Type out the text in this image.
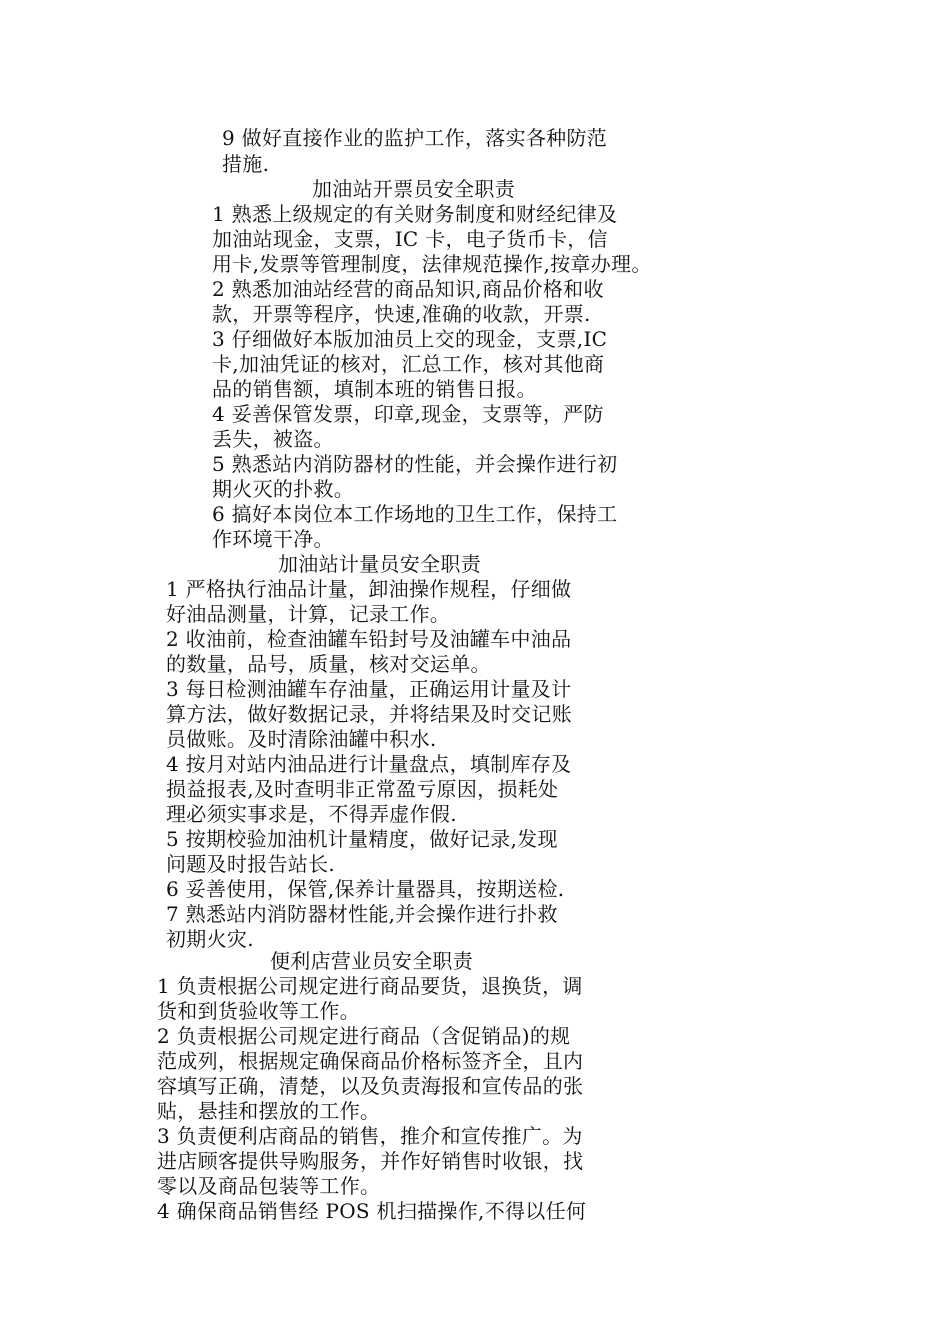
9 做好直接作业的监护工作，落实各种防范
措施.
加油站开票员安全职责
1 熟悉上级规定的有关财务制度和财经纪律及
加油站现金，支票，IC 卡，电子货币卡，信
用卡,发票等管理制度，法律规范操作,按章办理。
2 熟悉加油站经营的商品知识,商品价格和收
款，开票等程序，快速,准确的收款，开票.
3 仔细做好本版加油员上交的现金，支票,IC
卡,加油凭证的核对，汇总工作，核对其他商
品的销售额，填制本班的销售日报。
4 妥善保管发票，印章,现金，支票等，严防
丢失，被盗。
5 熟悉站内消防器材的性能，并会操作进行初
期火灭的扑救。
6 搞好本岗位本工作场地的卫生工作，保持工
作环境干净。
加油站计量员安全职责
1 严格执行油品计量，卸油操作规程，仔细做
好油品测量，计算，记录工作。
2 收油前，检查油罐车铅封号及油罐车中油品
的数量，品号，质量，核对交运单。
3 每日检测油罐车存油量，正确运用计量及计
算方法，做好数据记录，并将结果及时交记账
员做账。及时清除油罐中积水.
4 按月对站内油品进行计量盘点，填制库存及
损益报表,及时查明非正常盈亏原因，损耗处
理必须实事求是，不得弄虚作假.
5 按期校验加油机计量精度，做好记录,发现
问题及时报告站长.
6 妥善使用，保管,保养计量器具，按期送检.
7 熟悉站内消防器材性能,并会操作进行扑救
初期火灾.
便利店营业员安全职责
1 负责根据公司规定进行商品要货，退换货，调
货和到货验收等工作。
2 负责根据公司规定进行商品（含促销品)的规
范成列，根据规定确保商品价格标签齐全，且内
容填写正确，清楚，以及负责海报和宣传品的张
贴，悬挂和摆放的工作。
3 负责便利店商品的销售，推介和宣传推广。为
进店顾客提供导购服务，并作好销售时收银，找
零以及商品包装等工作。
4 确保商品销售经 POS 机扫描操作,不得以任何
